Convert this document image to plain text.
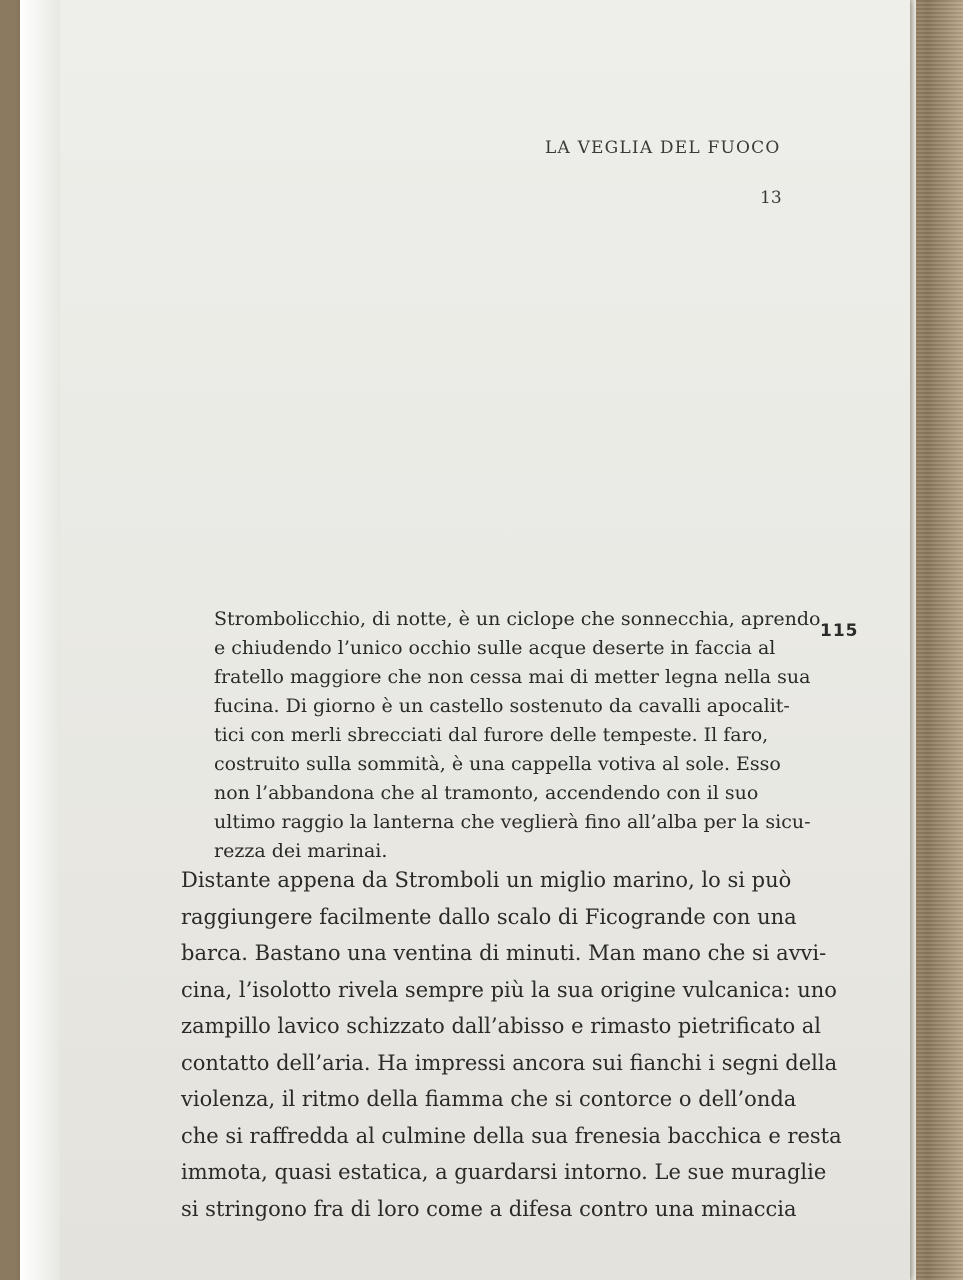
LA VEGLIA DEL FUOCO
13
115
Strombolicchio, di notte, è un ciclope che sonnecchia, aprendo
e chiudendo l’unico occhio sulle acque deserte in faccia al
fratello maggiore che non cessa mai di metter legna nella sua
fucina. Di giorno è un castello sostenuto da cavalli apocalit-
tici con merli sbrecciati dal furore delle tempeste. Il faro,
costruito sulla sommità, è una cappella votiva al sole. Esso
non l’abbandona che al tramonto, accendendo con il suo
ultimo raggio la lanterna che veglierà fino all’alba per la sicu-
rezza dei marinai.
Distante appena da Stromboli un miglio marino, lo si può
raggiungere facilmente dallo scalo di Ficogrande con una
barca. Bastano una ventina di minuti. Man mano che si avvi-
cina, l’isolotto rivela sempre più la sua origine vulcanica: uno
zampillo lavico schizzato dall’abisso e rimasto pietrificato al
contatto dell’aria. Ha impressi ancora sui fianchi i segni della
violenza, il ritmo della fiamma che si contorce o dell’onda
che si raffredda al culmine della sua frenesia bacchica e resta
immota, quasi estatica, a guardarsi intorno. Le sue muraglie
si stringono fra di loro come a difesa contro una minaccia
